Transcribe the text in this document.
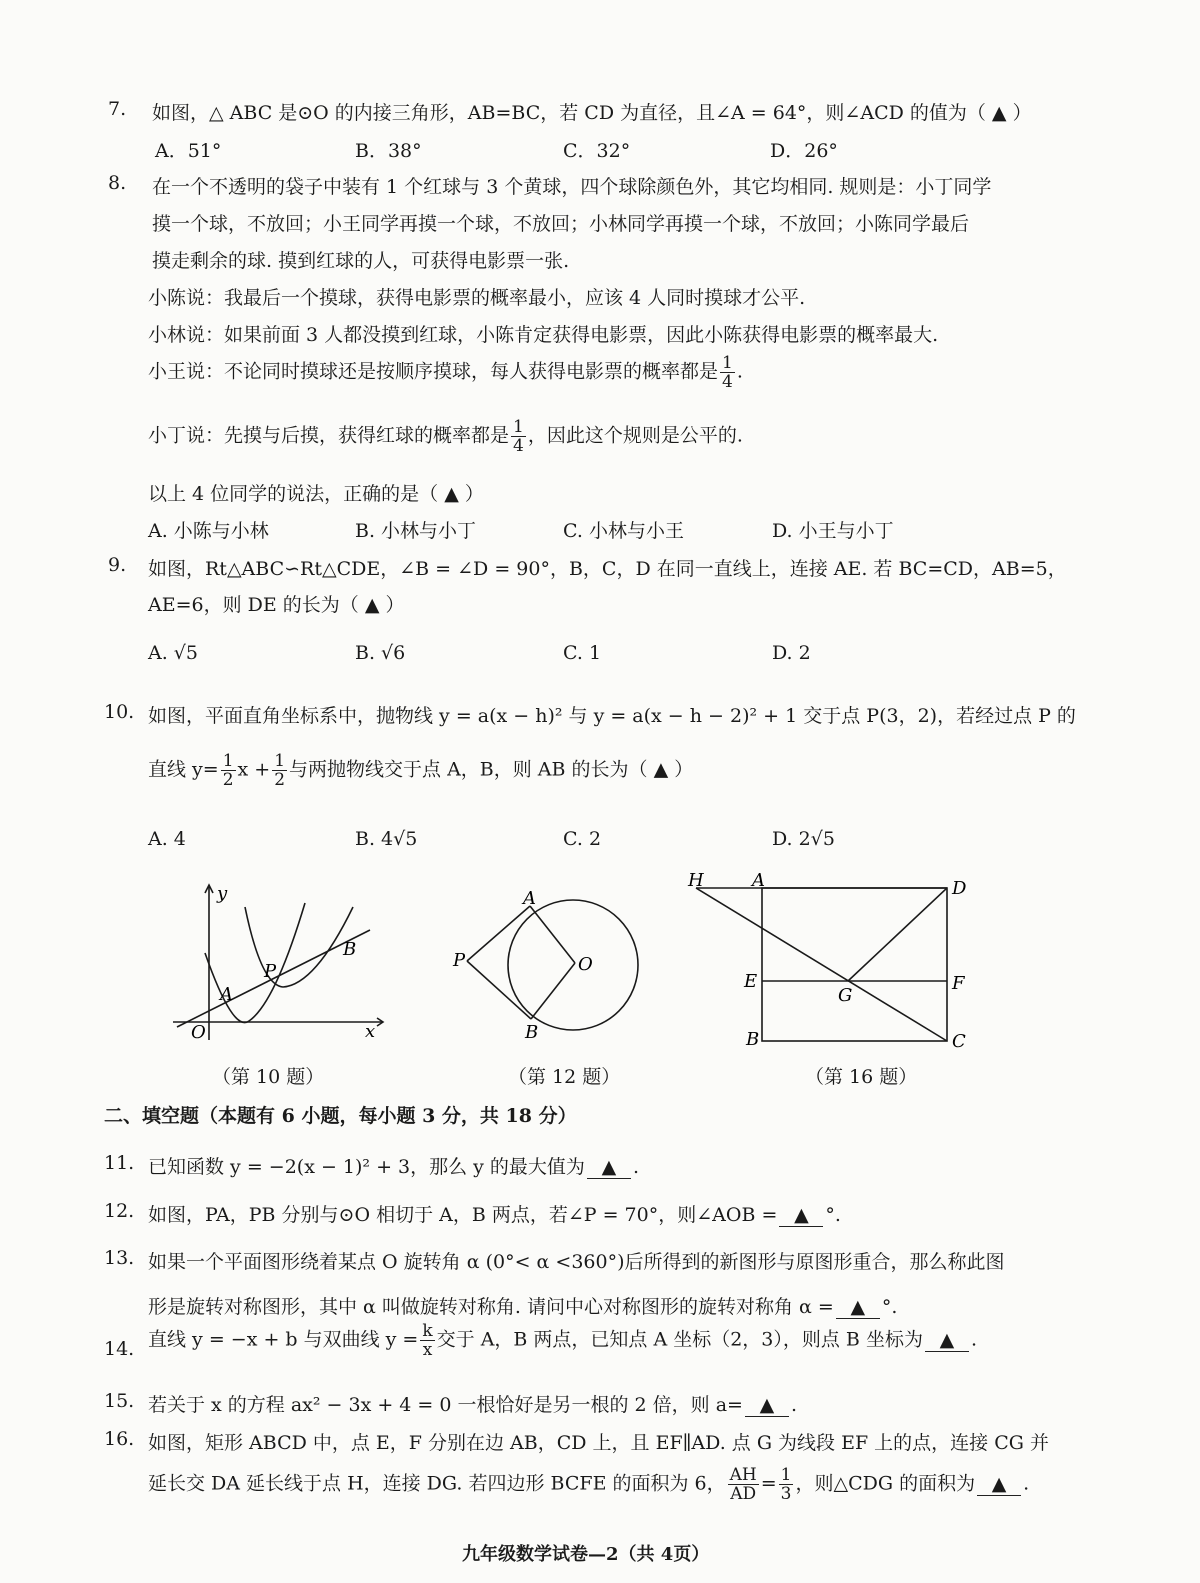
7. 如图，△ ABC 是⊙O 的内接三角形，AB=BC，若 CD 为直径，且∠A = 64°，则∠ACD 的值为（ ▲ ）
A．51°	B．38°	C．32°	D．26°
8. 在一个不透明的袋子中装有 1 个红球与 3 个黄球，四个球除颜色外，其它均相同. 规则是：小丁同学
摸一个球，不放回；小王同学再摸一个球，不放回；小林同学再摸一个球，不放回；小陈同学最后
摸走剩余的球. 摸到红球的人，可获得电影票一张.
小陈说：我最后一个摸球，获得电影票的概率最小，应该 4 人同时摸球才公平.
小林说：如果前面 3 人都没摸到红球，小陈肯定获得电影票，因此小陈获得电影票的概率最大.
小王说：不论同时摸球还是按顺序摸球，每人获得电影票的概率都是 $\frac{1}{4}$ .
小丁说：先摸与后摸，获得红球的概率都是 $\frac{1}{4}$ ，因此这个规则是公平的.
以上 4 位同学的说法，正确的是（ ▲ ）
A. 小陈与小林	B. 小林与小丁	C. 小林与小王	D. 小王与小丁
9. 如图，Rt△ABC∽Rt△CDE，∠B = ∠D = 90°，B，C，D 在同一直线上，连接 AE. 若 BC=CD，AB=5，
AE=6，则 DE 的长为（ ▲ ）
A. √5	B. √6	C. 1	D. 2
10. 如图，平面直角坐标系中，抛物线 y = a(x − h)² 与 y = a(x − h − 2)² + 1 交于点 P(3，2)，若经过点 P 的
直线 $y= \frac{1}{2}$ $x + \frac{1}{2}$ 与两抛物线交于点 A，B，则 AB 的长为（ ▲ ）
A. 4	B. 4√5	C. 2	D. 2√5
y
x
O
A
P
B
（第 10 题）
A
P	O
B
（第 12 题）
H	A	D
E	F
G
B	C
（第 16 题）
二、填空题（本题有 6 小题，每小题 3 分，共 18 分）
11. 已知函数 y = −2(x − 1)² + 3，那么 y 的最大值为 ▲ .
12. 如图，PA，PB 分别与⊙O 相切于 A，B 两点，若∠P = 70°，则∠AOB = ▲ °.
13. 如果一个平面图形绕着某点 O 旋转角 α (0°< α <360°)后所得到的新图形与原图形重合，那么称此图
形是旋转对称图形，其中 α 叫做旋转对称角. 请问中心对称图形的旋转对称角 α = ▲ °.
14. 直线 y = −x + b 与双曲线 $y = \frac{k}{x}$ 交于 A，B 两点，已知点 A 坐标（2，3），则点 B 坐标为 ▲ .
15. 若关于 x 的方程 ax² − 3x + 4 = 0 一根恰好是另一根的 2 倍，则 a= ▲ .
16. 如图，矩形 ABCD 中，点 E，F 分别在边 AB，CD 上，且 EF∥AD. 点 G 为线段 EF 上的点，连接 CG 并
延长交 DA 延长线于点 H，连接 DG. 若四边形 BCFE 的面积为 6， $\frac{AH}{AD} = \frac{1}{3}$ ，则△CDG 的面积为 ▲ .
九年级数学试卷—2（共 4页）
